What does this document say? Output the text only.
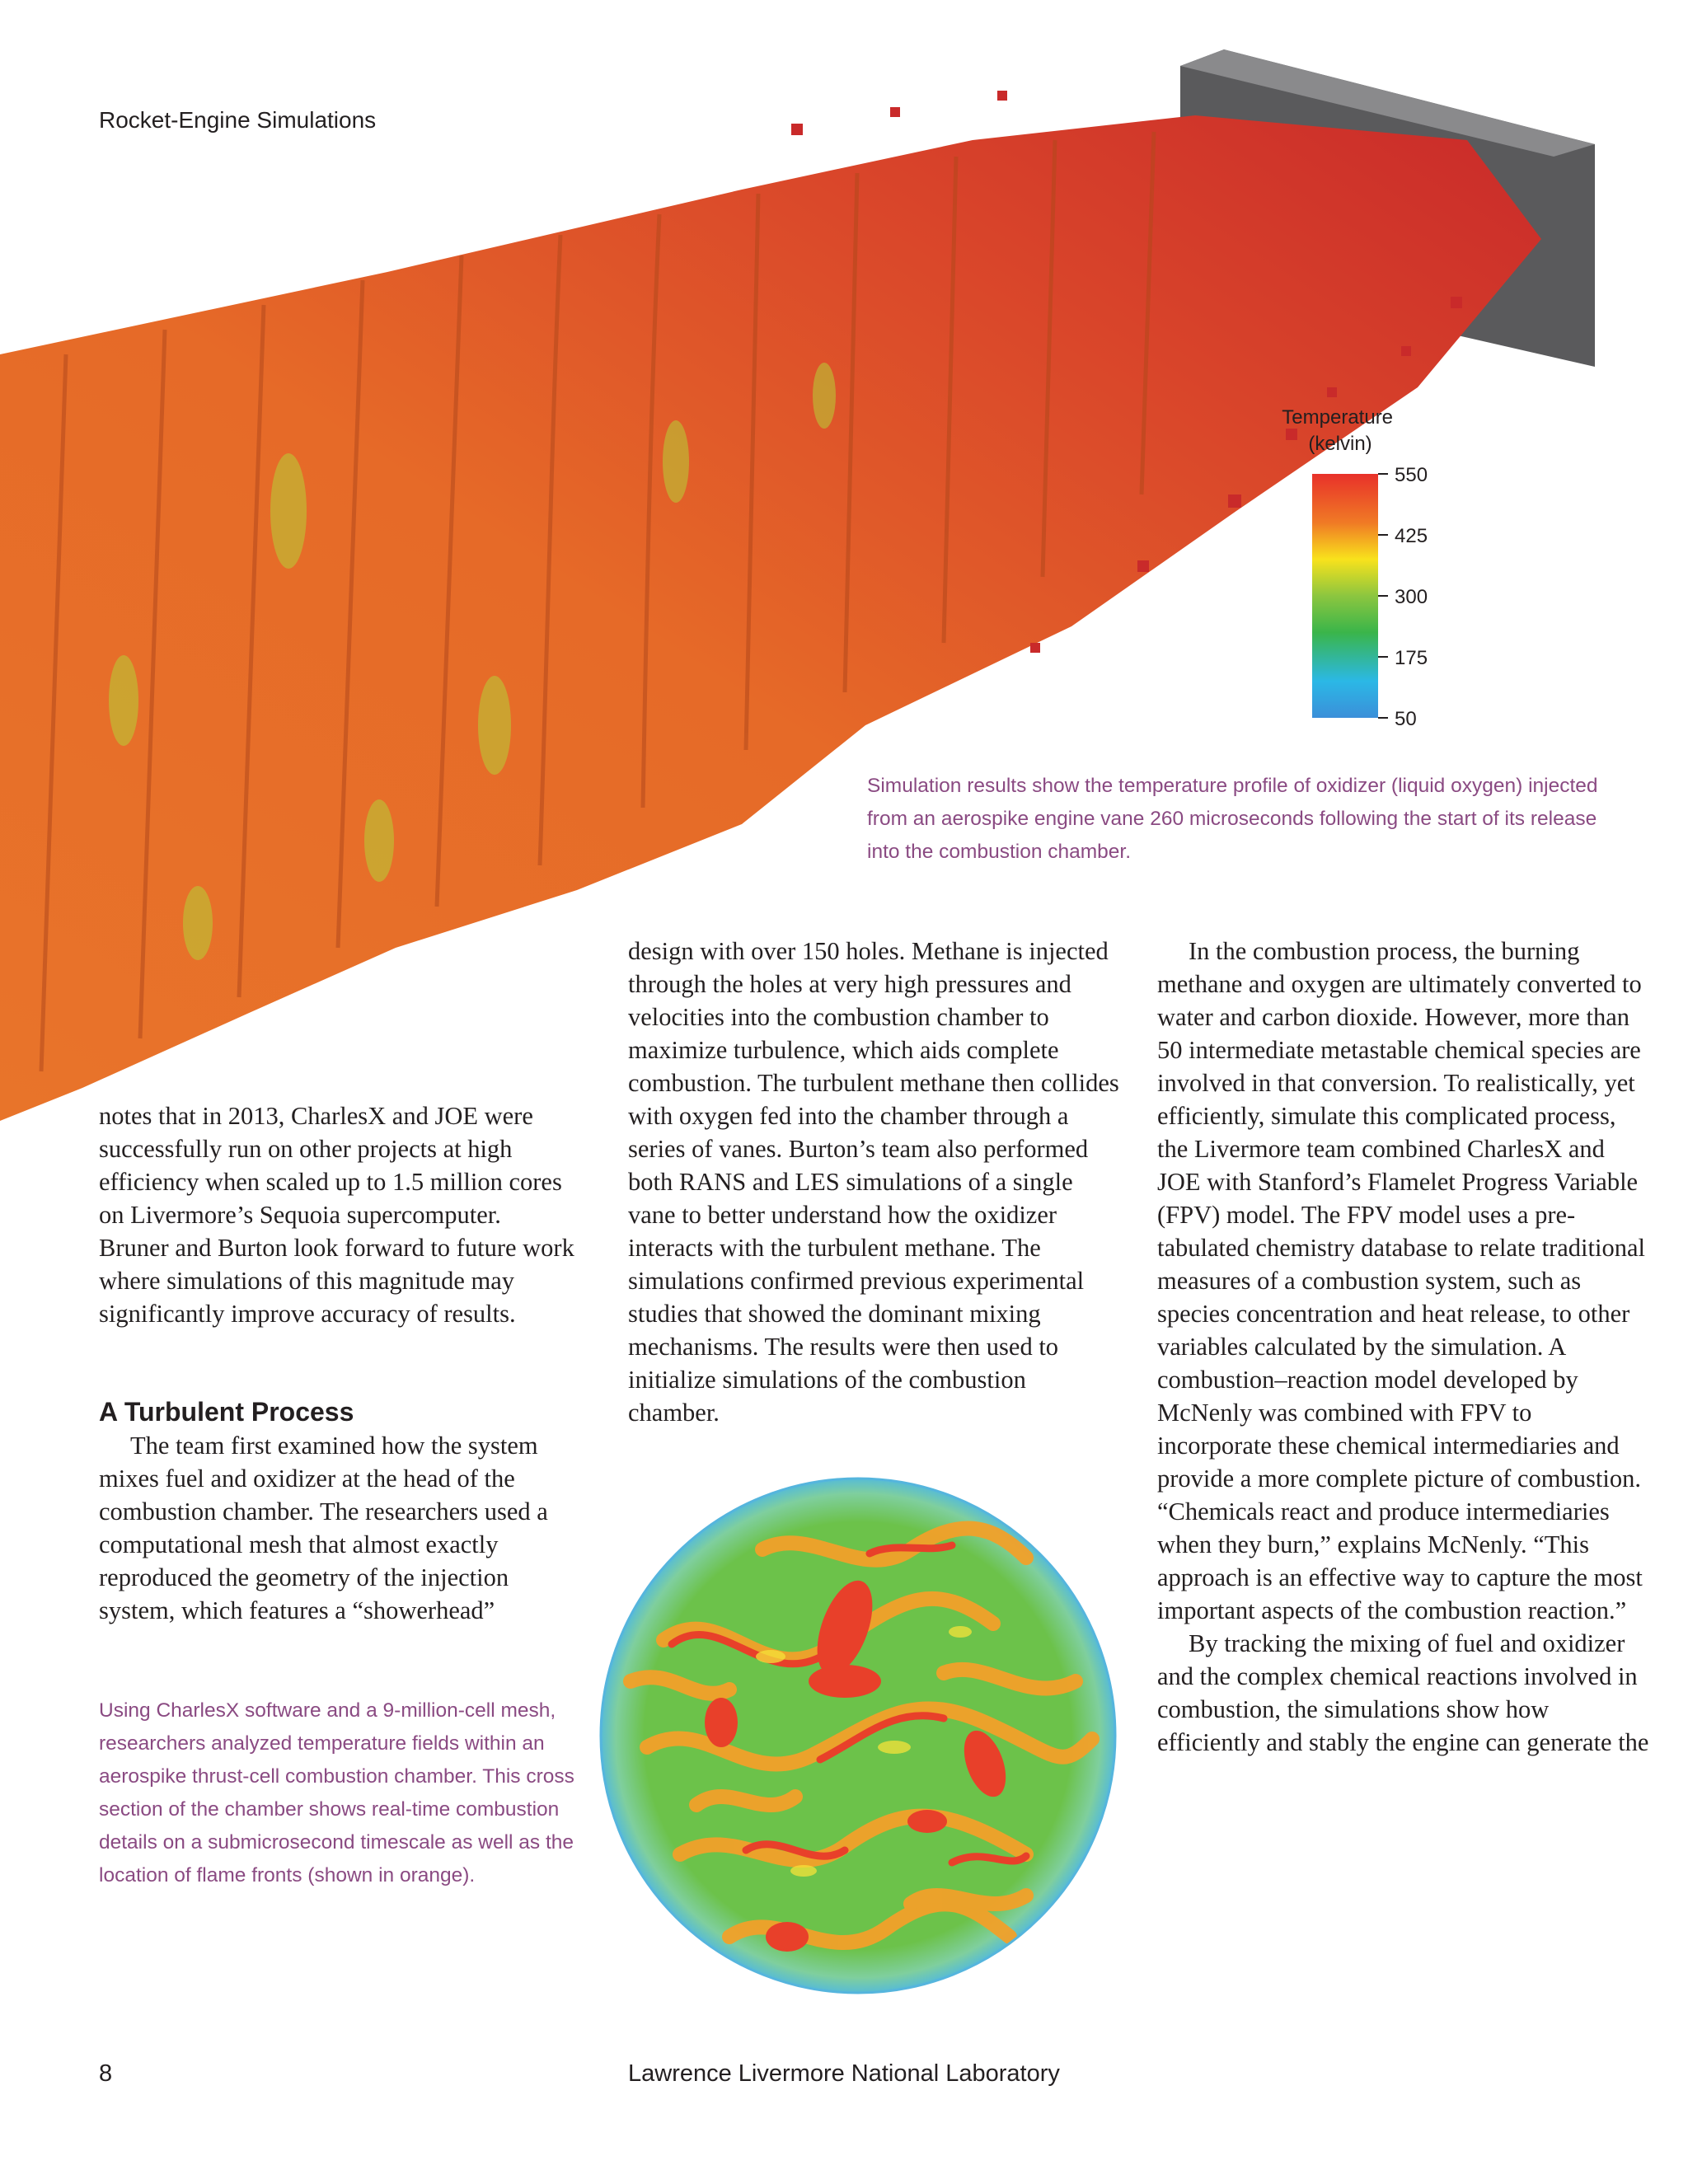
Temperature (kelvin)
550
425
300
175
50
Rocket-Engine Simulations
Simulation results show the temperature profile of oxidizer (liquid oxygen) injected from an aerospike engine vane 260 microseconds following the start of its release into the combustion chamber.

notes that in 2013, CharlesX and JOE were successfully run on other projects at high efficiency when scaled up to 1.5 million cores on Livermore’s Sequoia supercomputer. Bruner and Burton look forward to future work where simulations of this magnitude may significantly improve accuracy of results.

A Turbulent Process

The team first examined how the system mixes fuel and oxidizer at the head of the combustion chamber. The researchers used a computational mesh that almost exactly reproduced the geometry of the injection system, which features a “showerhead”

design with over 150 holes. Methane is injected through the holes at very high pressures and velocities into the combustion chamber to maximize turbulence, which aids complete combustion. The turbulent methane then collides with oxygen fed into the chamber through a series of vanes. Burton’s team also performed both RANS and LES simulations of a single vane to better understand how the oxidizer interacts with the turbulent methane. The simulations confirmed previous experimental studies that showed the dominant mixing mechanisms. The results were then used to initialize simulations of the combustion chamber.

In the combustion process, the burning methane and oxygen are ultimately converted to water and carbon dioxide. However, more than 50 intermediate metastable chemical species are involved in that conversion. To realistically, yet efficiently, simulate this complicated process, the Livermore team combined CharlesX and JOE with Stanford’s Flamelet Progress Variable (FPV) model. The FPV model uses a pre-tabulated chemistry database to relate traditional measures of a combustion system, such as species concentration and heat release, to other variables calculated by the simulation. A combustion–reaction model developed by McNenly was combined with FPV to incorporate these chemical intermediaries and provide a more complete picture of combustion. “Chemicals react and produce intermediaries when they burn,” explains McNenly. “This approach is an effective way to capture the most important aspects of the combustion reaction.”

By tracking the mixing of fuel and oxidizer and the complex chemical reactions involved in combustion, the simulations show how efficiently and stably the engine can generate the

Using CharlesX software and a 9-million-cell mesh, researchers analyzed temperature fields within an aerospike thrust-cell combustion chamber. This cross section of the chamber shows real-time combustion details on a submicrosecond timescale as well as the location of flame fronts (shown in orange).
8	Lawrence Livermore National Laboratory
